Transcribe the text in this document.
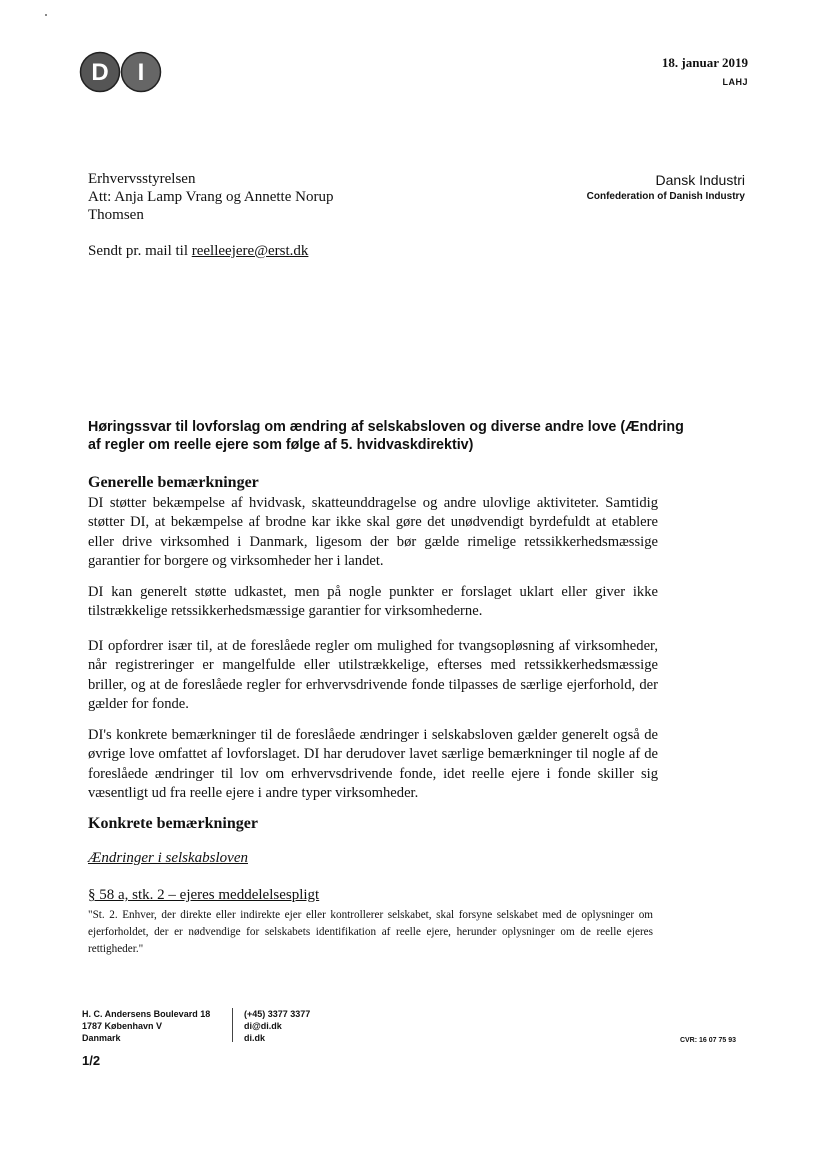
D I	18. januar 2019
LAHJ
Erhvervsstyrelsen
Att: Anja Lamp Vrang og Annette Norup Thomsen
Dansk Industri
Confederation of Danish Industry
Sendt pr. mail til reelleejere@erst.dk
Høringssvar til lovforslag om ændring af selskabsloven og diverse andre love (Ændring af regler om reelle ejere som følge af 5. hvidvaskdirektiv)
Generelle bemærkninger
DI støtter bekæmpelse af hvidvask, skatteunddragelse og andre ulovlige aktiviteter. Samtidig støtter DI, at bekæmpelse af brodne kar ikke skal gøre det unødvendigt byrdefuldt at etablere eller drive virksomhed i Danmark, ligesom der bør gælde rimelige retssikkerhedsmæssige garantier for borgere og virksomheder her i landet.
DI kan generelt støtte udkastet, men på nogle punkter er forslaget uklart eller giver ikke tilstrækkelige retssikkerhedsmæssige garantier for virksomhederne.
DI opfordrer især til, at de foreslåede regler om mulighed for tvangsopløsning af virksomheder, når registreringer er mangelfulde eller utilstrækkelige, efterses med retssikkerhedsmæssige briller, og at de foreslåede regler for erhvervsdrivende fonde tilpasses de særlige ejerforhold, der gælder for fonde.
DI's konkrete bemærkninger til de foreslåede ændringer i selskabsloven gælder generelt også de øvrige love omfattet af lovforslaget. DI har derudover lavet særlige bemærkninger til nogle af de foreslåede ændringer til lov om erhvervsdrivende fonde, idet reelle ejere i fonde skiller sig væsentligt ud fra reelle ejere i andre typer virksomheder.
Konkrete bemærkninger
Ændringer i selskabsloven
§ 58 a, stk. 2 – ejeres meddelelsespligt
"St. 2. Enhver, der direkte eller indirekte ejer eller kontrollerer selskabet, skal forsyne selskabet med de oplysninger om ejerforholdet, der er nødvendige for selskabets identifikation af reelle ejere, herunder oplysninger om de reelle ejeres rettigheder."
H. C. Andersens Boulevard 18
1787 København V
Danmark
(+45) 3377 3377
di@di.dk
di.dk	CVR: 16 07 75 93
1/2
